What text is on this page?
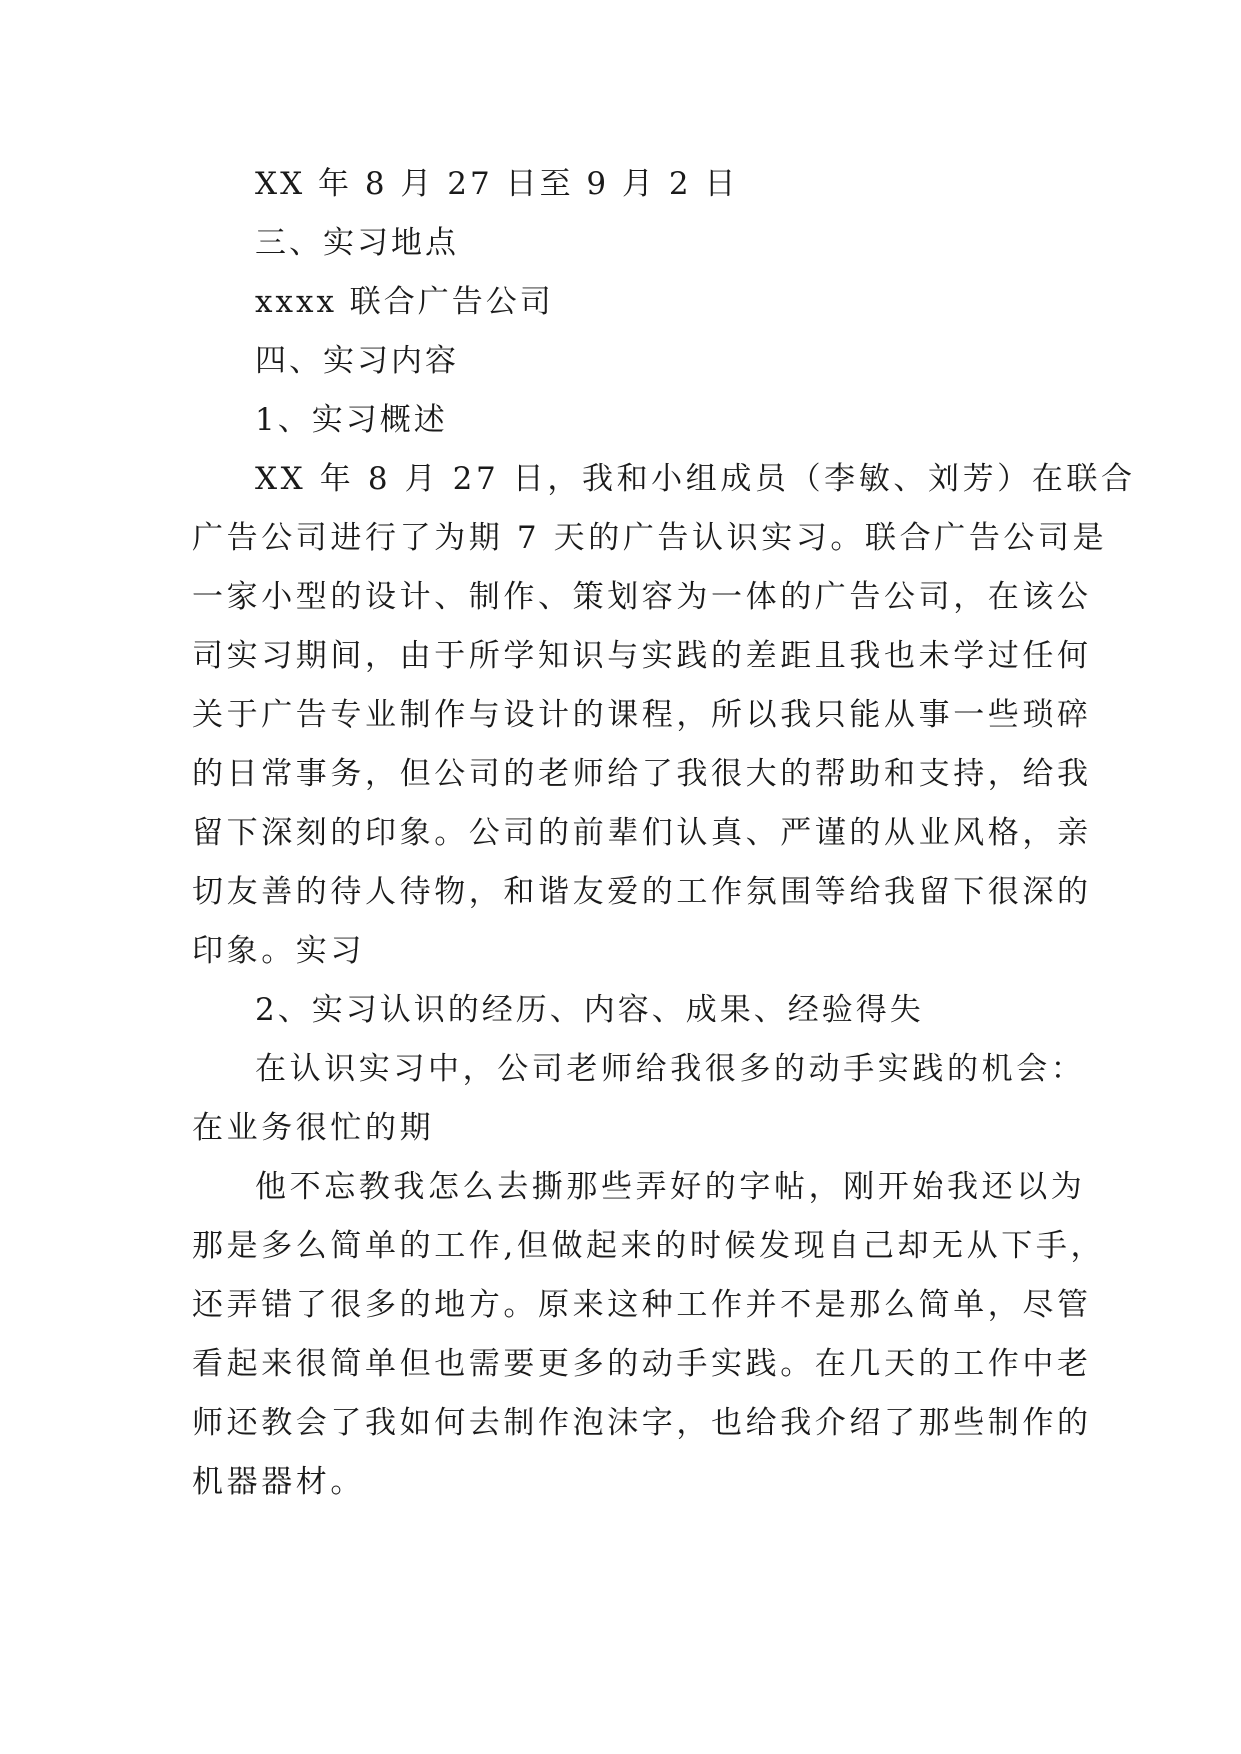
XX 年 8 月 27 日至 9 月 2 日
三、实习地点
xxxx 联合广告公司
四、实习内容
1、实习概述
XX 年 8 月 27 日，我和小组成员（李敏、刘芳）在联合
广告公司进行了为期 7 天的广告认识实习。联合广告公司是
一家小型的设计、制作、策划容为一体的广告公司，在该公
司实习期间，由于所学知识与实践的差距且我也未学过任何
关于广告专业制作与设计的课程，所以我只能从事一些琐碎
的日常事务，但公司的老师给了我很大的帮助和支持，给我
留下深刻的印象。公司的前辈们认真、严谨的从业风格，亲
切友善的待人待物，和谐友爱的工作氛围等给我留下很深的
印象。实习
2、实习认识的经历、内容、成果、经验得失
在认识实习中，公司老师给我很多的动手实践的机会：
在业务很忙的期
他不忘教我怎么去撕那些弄好的字帖，刚开始我还以为
那是多么简单的工作,但做起来的时候发现自己却无从下手，
还弄错了很多的地方。原来这种工作并不是那么简单，尽管
看起来很简单但也需要更多的动手实践。在几天的工作中老
师还教会了我如何去制作泡沫字，也给我介绍了那些制作的
机器器材。
